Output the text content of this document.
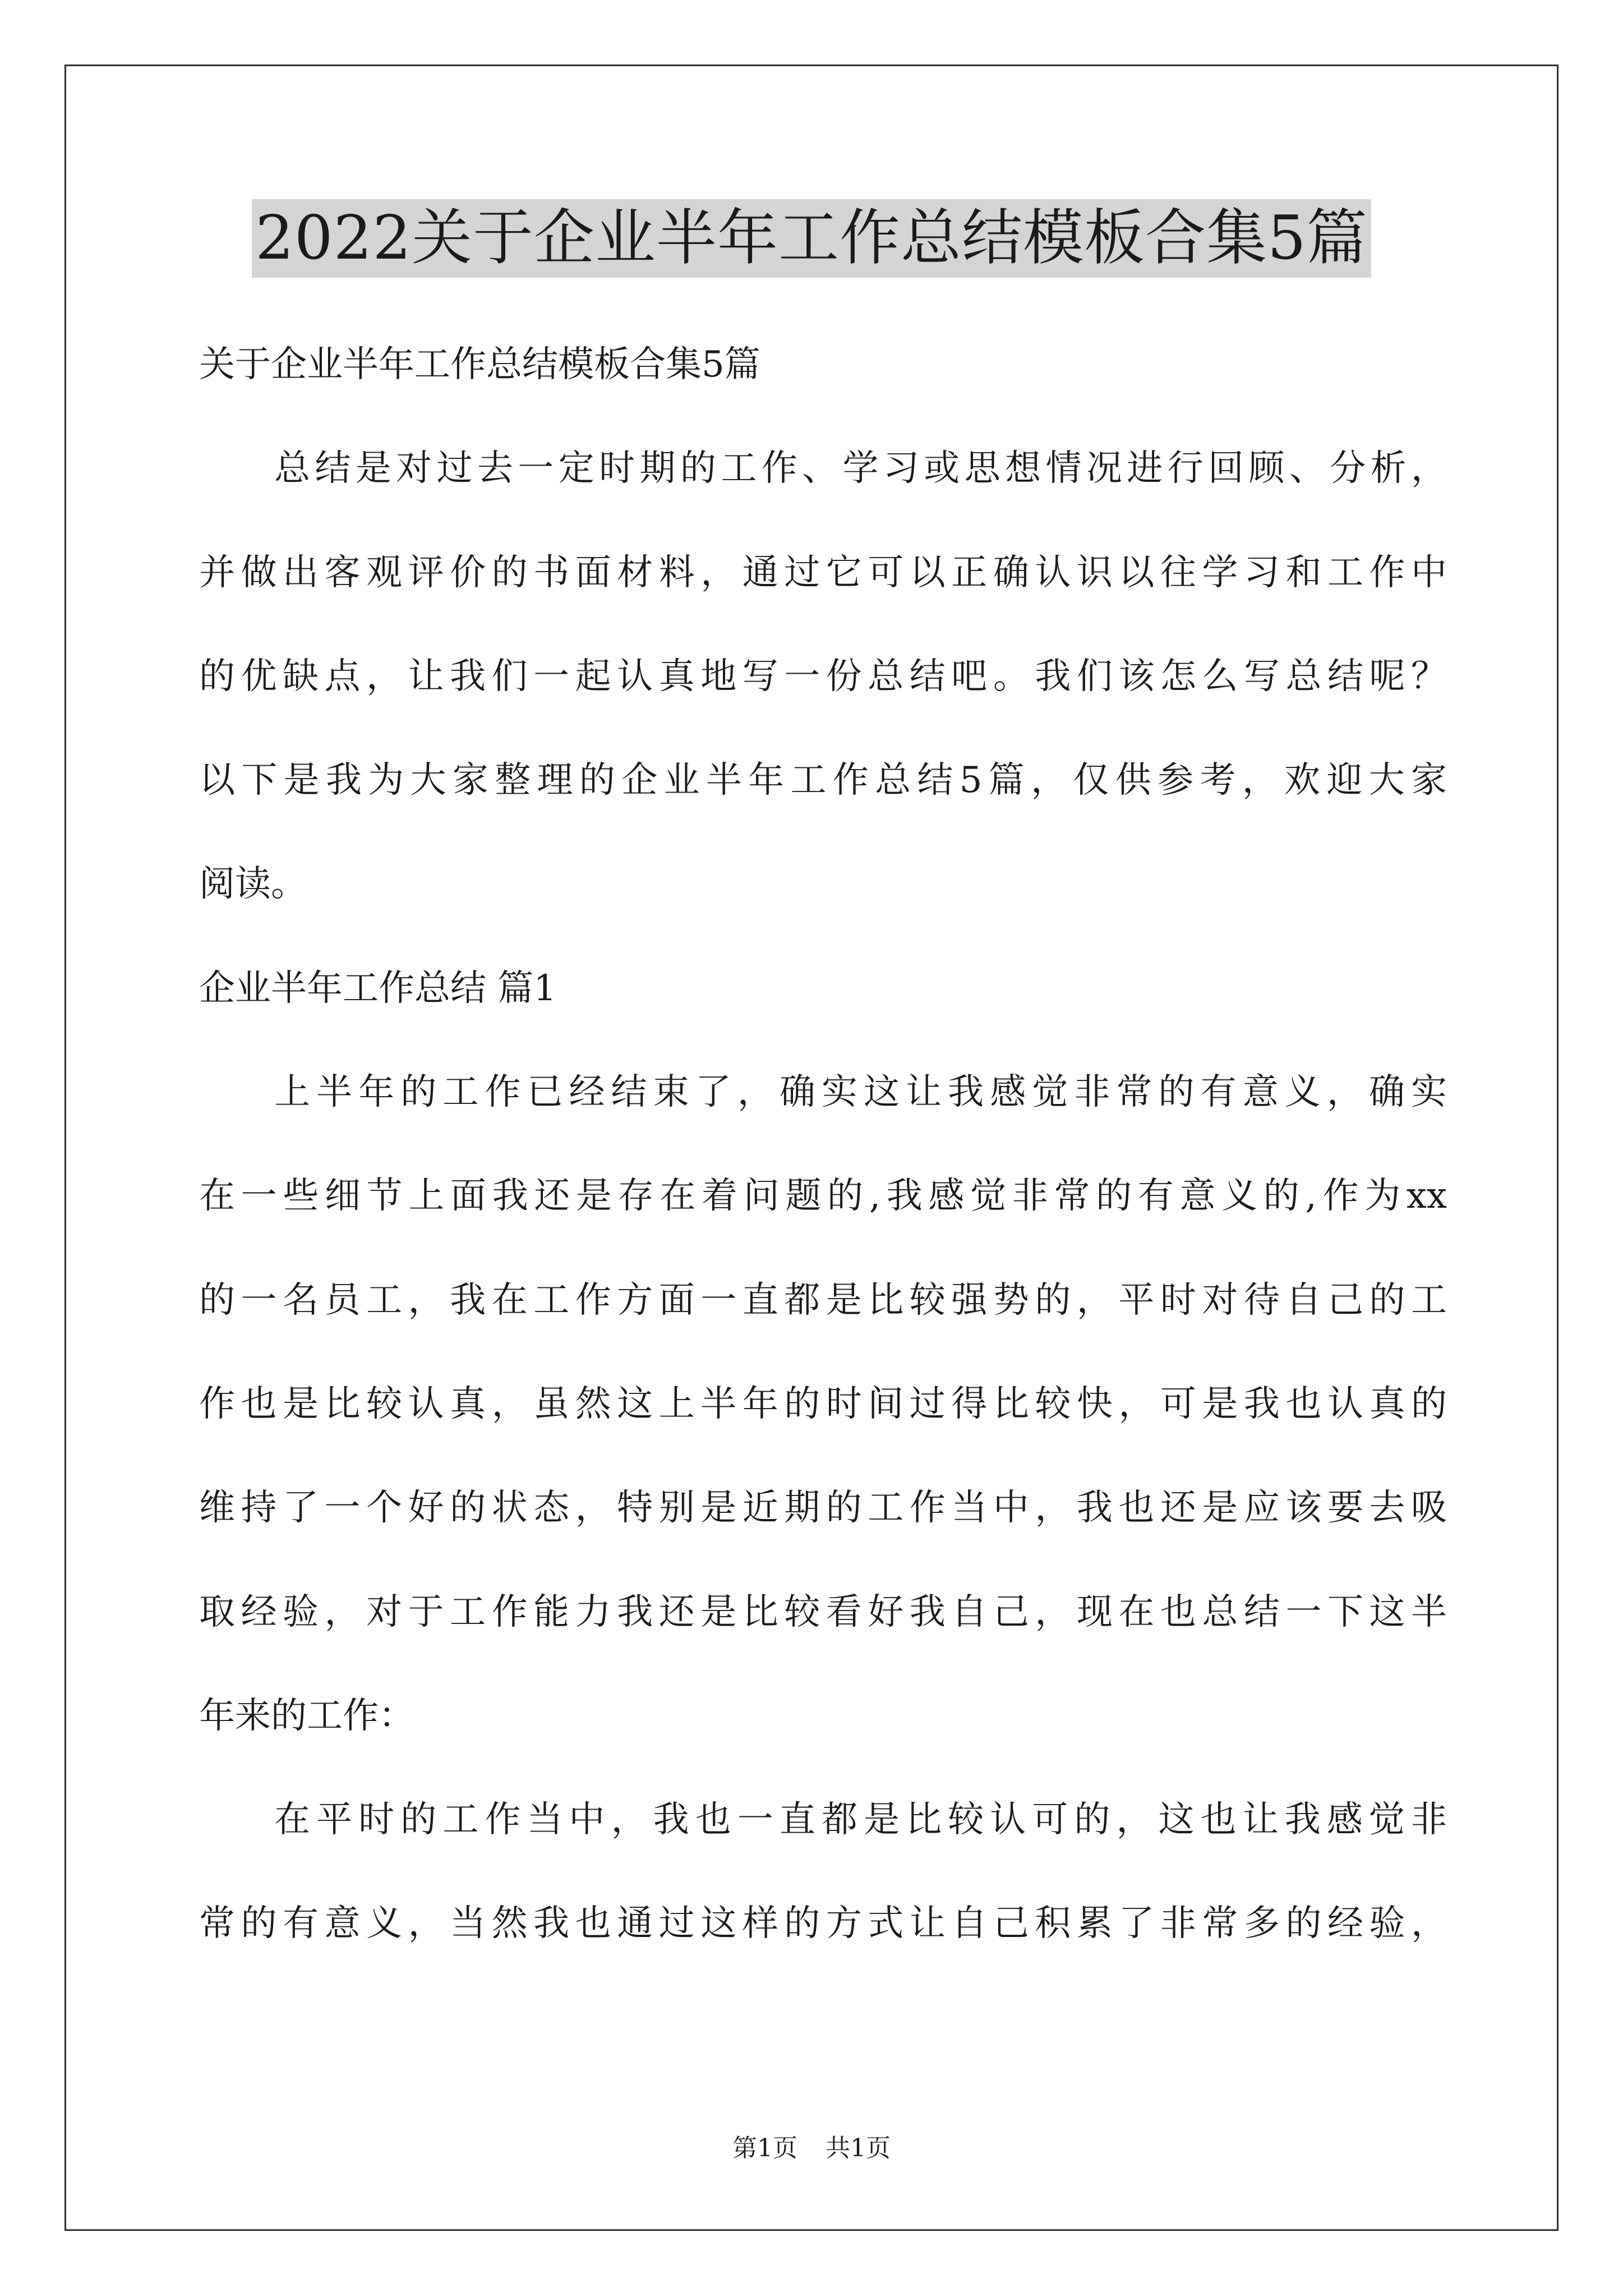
2022关于企业半年工作总结模板合集5篇
关于企业半年工作总结模板合集5篇
总结是对过去一定时期的工作、学习或思想情况进行回顾、分析，
并做出客观评价的书面材料，通过它可以正确认识以往学习和工作中
的优缺点，让我们一起认真地写一份总结吧。我们该怎么写总结呢？
以下是我为大家整理的企业半年工作总结5篇，仅供参考，欢迎大家
阅读。
企业半年工作总结 篇1
上半年的工作已经结束了，确实这让我感觉非常的有意义，确实
在一些细节上面我还是存在着问题的,我感觉非常的有意义的,作为xx
的一名员工，我在工作方面一直都是比较强势的，平时对待自己的工
作也是比较认真，虽然这上半年的时间过得比较快，可是我也认真的
维持了一个好的状态，特别是近期的工作当中，我也还是应该要去吸
取经验，对于工作能力我还是比较看好我自己，现在也总结一下这半
年来的工作：
在平时的工作当中，我也一直都是比较认可的，这也让我感觉非
常的有意义，当然我也通过这样的方式让自己积累了非常多的经验，
第1页 共1页
